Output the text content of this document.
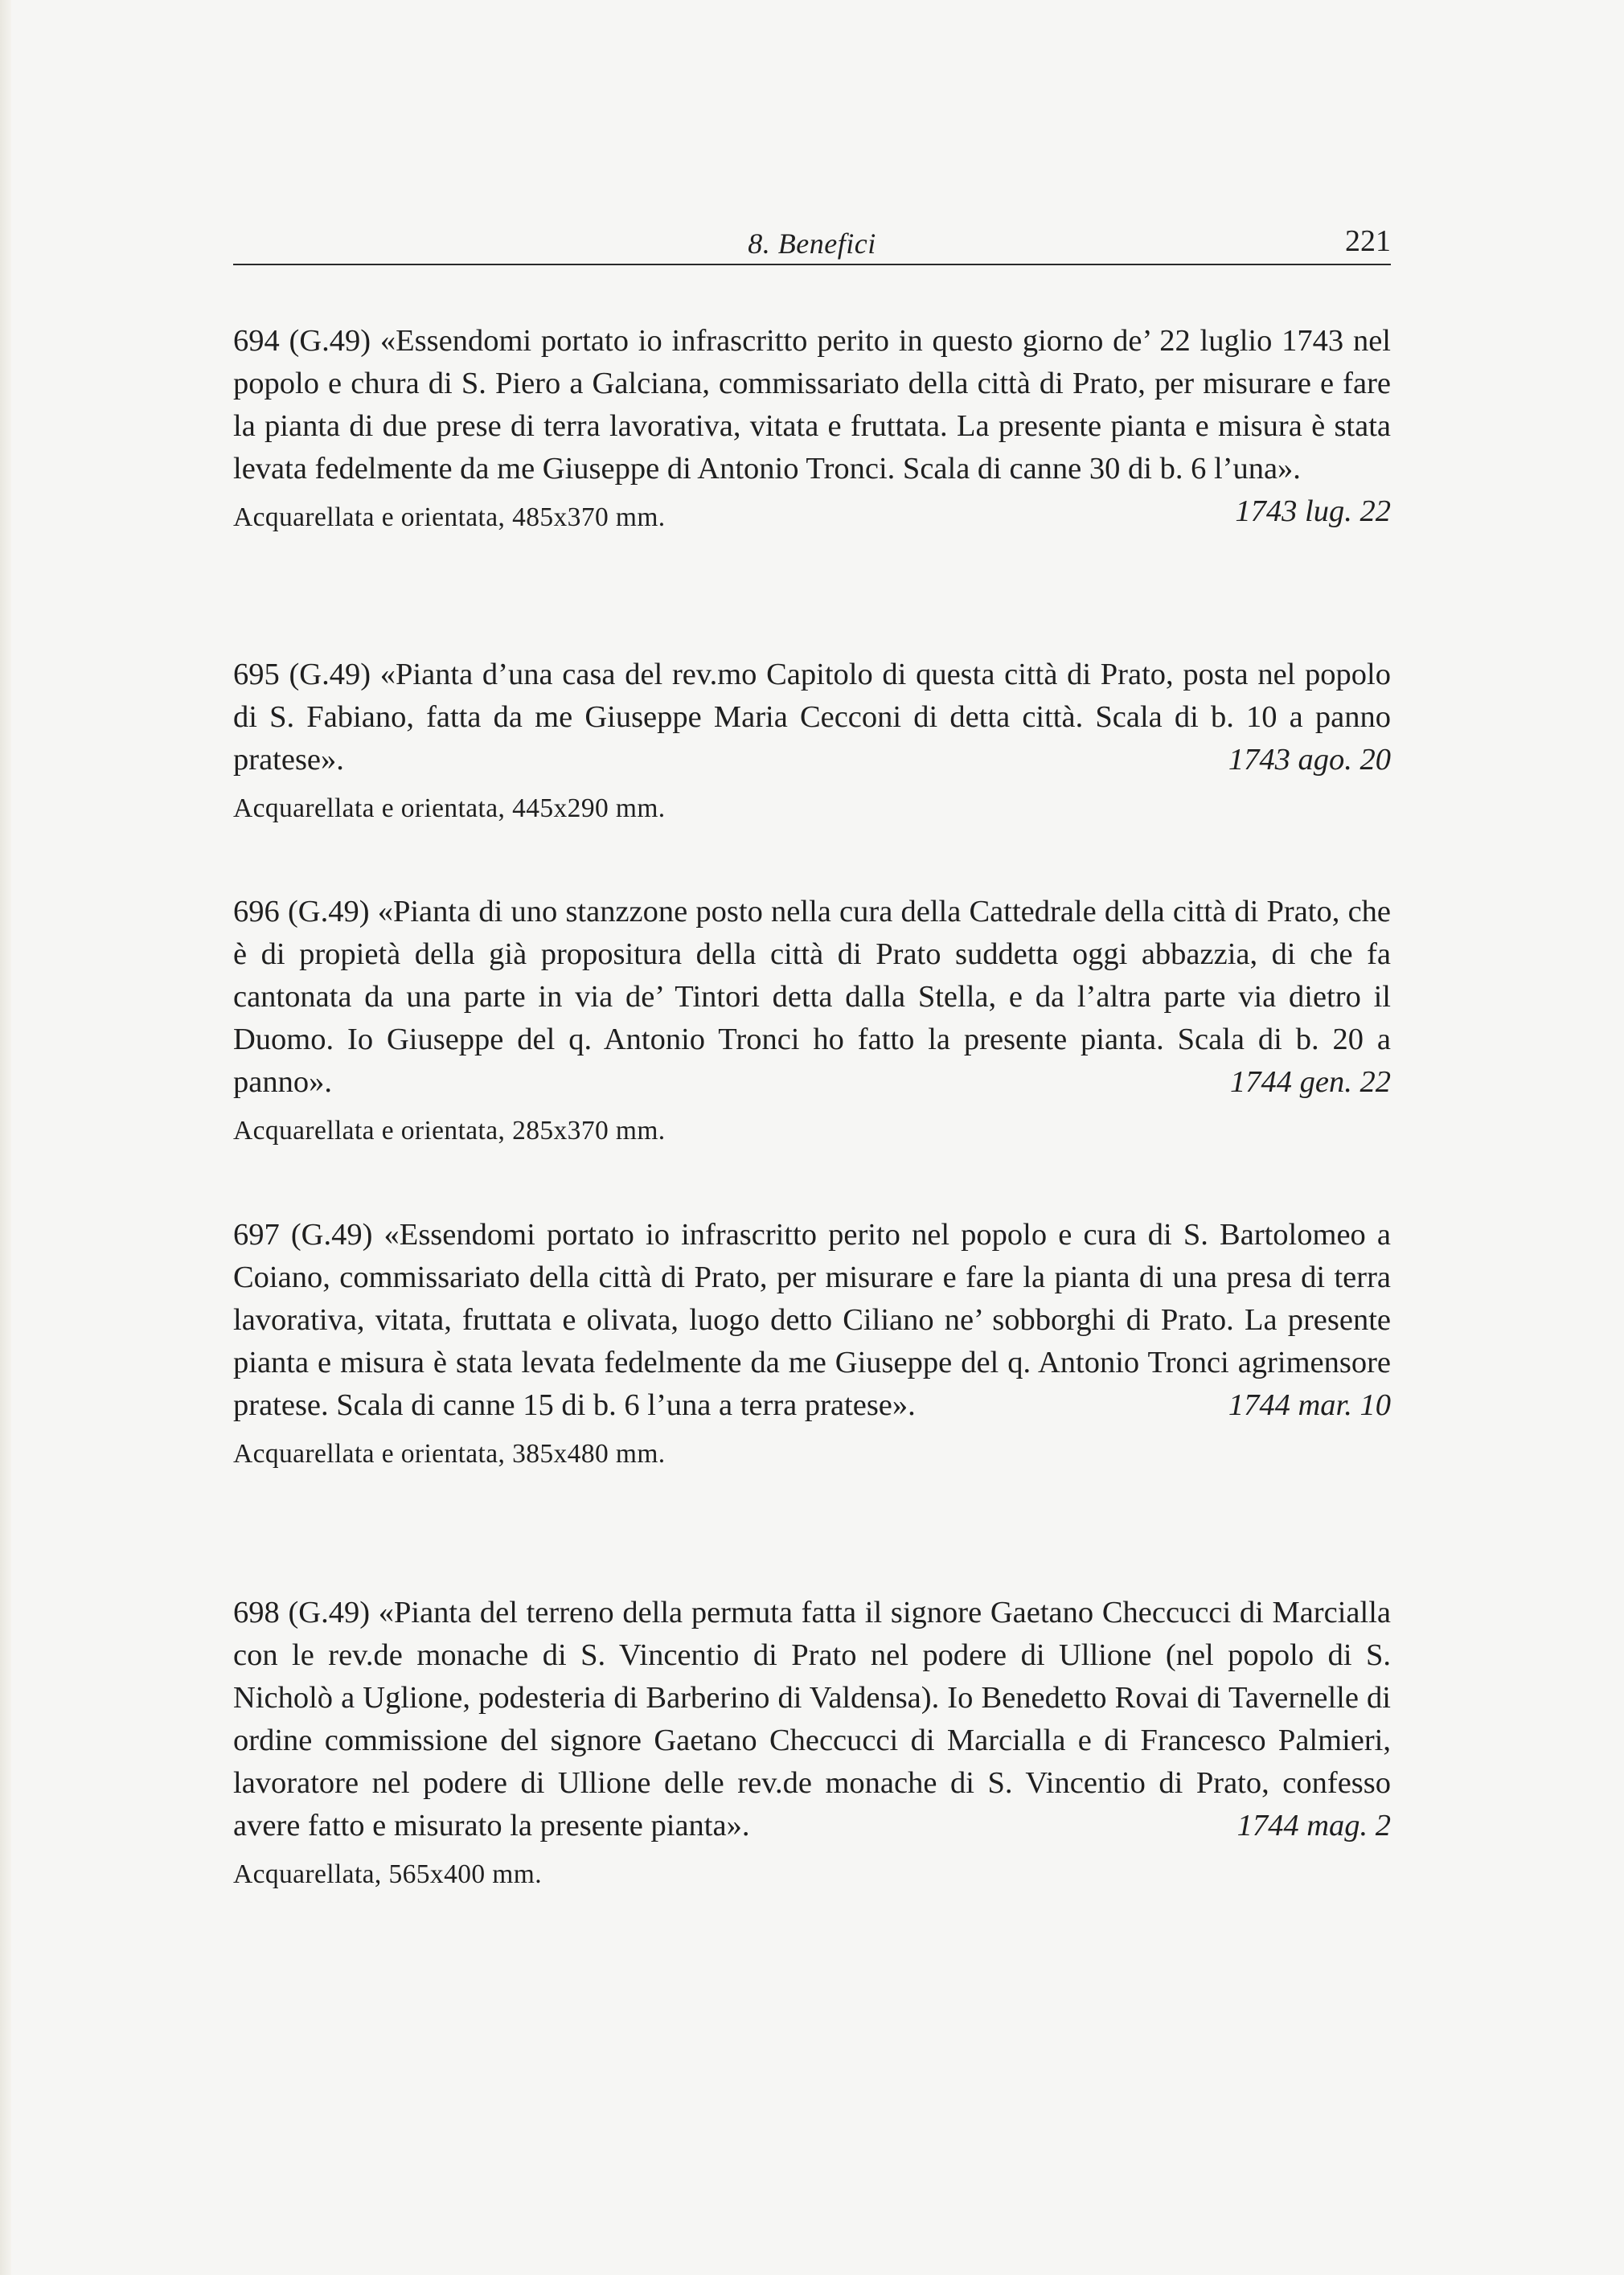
8. Benefici	221

694 (G.49) «Essendomi portato io infrascritto perito in questo giorno de’ 22 luglio 1743 nel popolo e chura di S. Piero a Galciana, commissariato della città di Prato, per misurare e fare la pianta di due prese di terra lavorativa, vitata e fruttata. La presente pianta e misura è stata levata fedelmente da me Giuseppe di Antonio Tronci. Scala di canne 30 di b. 6 l’una».
1743 lug. 22

Acquarellata e orientata, 485x370 mm.

695 (G.49) «Pianta d’una casa del rev.mo Capitolo di questa città di Prato, posta nel popolo di S. Fabiano, fatta da me Giuseppe Maria Cecconi di detta città. Scala di b. 10 a panno pratese».	1743 ago. 20

Acquarellata e orientata, 445x290 mm.

696 (G.49) «Pianta di uno stanzzone posto nella cura della Cattedrale della città di Prato, che è di propietà della già propositura della città di Prato suddetta oggi abbazzia, di che fa cantonata da una parte in via de’ Tintori detta dalla Stella, e da l’altra parte via dietro il Duomo. Io Giuseppe del q. Antonio Tronci ho fatto la presente pianta. Scala di b. 20 a panno».	1744 gen. 22

Acquarellata e orientata, 285x370 mm.

697 (G.49) «Essendomi portato io infrascritto perito nel popolo e cura di S. Bartolomeo a Coiano, commissariato della città di Prato, per misurare e fare la pianta di una presa di terra lavorativa, vitata, fruttata e olivata, luogo detto Ciliano ne’ sobborghi di Prato. La presente pianta e misura è stata levata fedelmente da me Giuseppe del q. Antonio Tronci agrimensore pratese. Scala di canne 15 di b. 6 l’una a terra pratese».	1744 mar. 10

Acquarellata e orientata, 385x480 mm.

698 (G.49) «Pianta del terreno della permuta fatta il signore Gaetano Checcucci di Marcialla con le rev.de monache di S. Vincentio di Prato nel podere di Ullione (nel popolo di S. Nicholò a Uglione, podesteria di Barberino di Valdensa). Io Benedetto Rovai di Tavernelle di ordine commissione del signore Gaetano Checcucci di Marcialla e di Francesco Palmieri, lavoratore nel podere di Ullione delle rev.de monache di S. Vincentio di Prato, confesso avere fatto e misurato la presente pianta».	1744 mag. 2

Acquarellata, 565x400 mm.
